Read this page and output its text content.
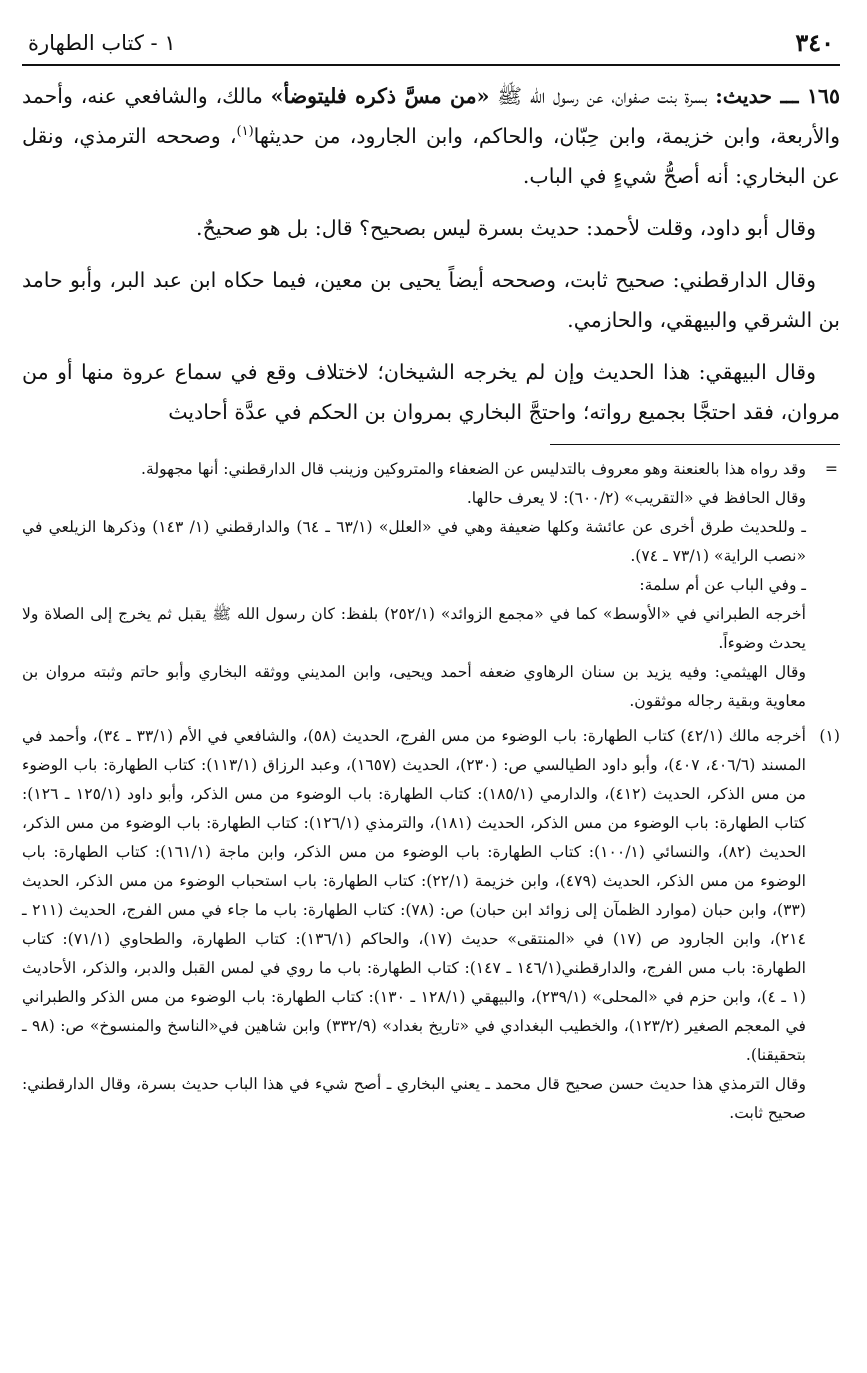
٣٤٠
١ - كتاب الطهارة

١٦٥ ـــ حديث:بسرة بنت صفوان، عن رسول الله ﷺ «من مسَّ ذكره فليتوضأ» مالك، والشافعي عنه، وأحمد والأربعة، وابن خزيمة، وابن حِبّان، والحاكم، وابن الجارود، من حديثها$^{(١)}$، وصححه الترمذي، ونقل عن البخاري: أنه أصحُّ شيءٍ في الباب.

وقال أبو داود، وقلت لأحمد: حديث بسرة ليس بصحيح؟ قال: بل هو صحيحٌ.

وقال الدارقطني: صحيح ثابت، وصححه أيضاً يحيى بن معين، فيما حكاه ابن عبد البر، وأبو حامد بن الشرقي والبيهقي، والحازمي.

وقال البيهقي: هذا الحديث وإن لم يخرجه الشيخان؛ لاختلاف وقع في سماع عروة منها أو من مروان، فقد احتجَّا بجميع رواته؛ واحتجَّ البخاري بمروان بن الحكم في عدَّة أحاديث

=

وقد رواه هذا بالعنعنة وهو معروف بالتدليس عن الضعفاء والمتروكين وزينب قال الدارقطني: أنها مجهولة.

وقال الحافظ في «التقريب» (٦٠٠/٢): لا يعرف حالها.

ـ وللحديث طرق أخرى عن عائشة وكلها ضعيفة وهي في «العلل» (٦٣/١ ـ ٦٤) والدارقطني (١/ ١٤٣) وذكرها الزيلعي في «نصب الراية» (٧٣/١ ـ ٧٤).

ـ وفي الباب عن أم سلمة:

أخرجه الطبراني في «الأوسط» كما في «مجمع الزوائد» (٢٥٢/١) بلفظ: كان رسول الله ﷺ يقبل ثم يخرج إلى الصلاة ولا يحدث وضوءاً.

وقال الهيثمي: وفيه يزيد بن سنان الرهاوي ضعفه أحمد ويحيى، وابن المديني ووثقه البخاري وأبو حاتم وثبته مروان بن معاوية وبقية رجاله موثقون.

(١)

أخرجه مالك (٤٢/١) كتاب الطهارة: باب الوضوء من مس الفرج، الحديث (٥٨)، والشافعي في الأم (٣٣/١ ـ ٣٤)، وأحمد في المسند (٤٠٦/٦، ٤٠٧)، وأبو داود الطيالسي ص: (٢٣٠)، الحديث (١٦٥٧)، وعبد الرزاق (١١٣/١): كتاب الطهارة: باب الوضوء من مس الذكر، الحديث (٤١٢)، والدارمي (١٨٥/١): كتاب الطهارة: باب الوضوء من مس الذكر، وأبو داود (١٢٥/١ ـ ١٢٦): كتاب الطهارة: باب الوضوء من مس الذكر، الحديث (١٨١)، والترمذي (١٢٦/١): كتاب الطهارة: باب الوضوء من مس الذكر، الحديث (٨٢)، والنسائي (١٠٠/١): كتاب الطهارة: باب الوضوء من مس الذكر، وابن ماجة (١٦١/١): كتاب الطهارة: باب الوضوء من مس الذكر، الحديث (٤٧٩)، وابن خزيمة (٢٢/١): كتاب الطهارة: باب استحباب الوضوء من مس الذكر، الحديث (٣٣)، وابن حبان (موارد الظمآن إلى زوائد ابن حبان) ص: (٧٨): كتاب الطهارة: باب ما جاء في مس الفرج، الحديث (٢١١ ـ ٢١٤)، وابن الجارود ص (١٧) في «المنتقى» حديث (١٧)، والحاكم (١٣٦/١): كتاب الطهارة، والطحاوي (٧١/١): كتاب الطهارة: باب مس الفرج، والدارقطني(١٤٦/١ ـ ١٤٧): كتاب الطهارة: باب ما روي في لمس القبل والدبر، والذكر، الأحاديث (١ ـ ٤)، وابن حزم في «المحلى» (٢٣٩/١)، والبيهقي (١٢٨/١ ـ ١٣٠): كتاب الطهارة: باب الوضوء من مس الذكر والطبراني في المعجم الصغير (١٢٣/٢)، والخطيب البغدادي في «تاريخ بغداد» (٣٣٢/٩) وابن شاهين في«الناسخ والمنسوخ» ص: (٩٨ ـ بتحقيقنا).

وقال الترمذي هذا حديث حسن صحيح قال محمد ـ يعني البخاري ـ أصح شيء في هذا الباب حديث بسرة، وقال الدارقطني: صحيح ثابت.
